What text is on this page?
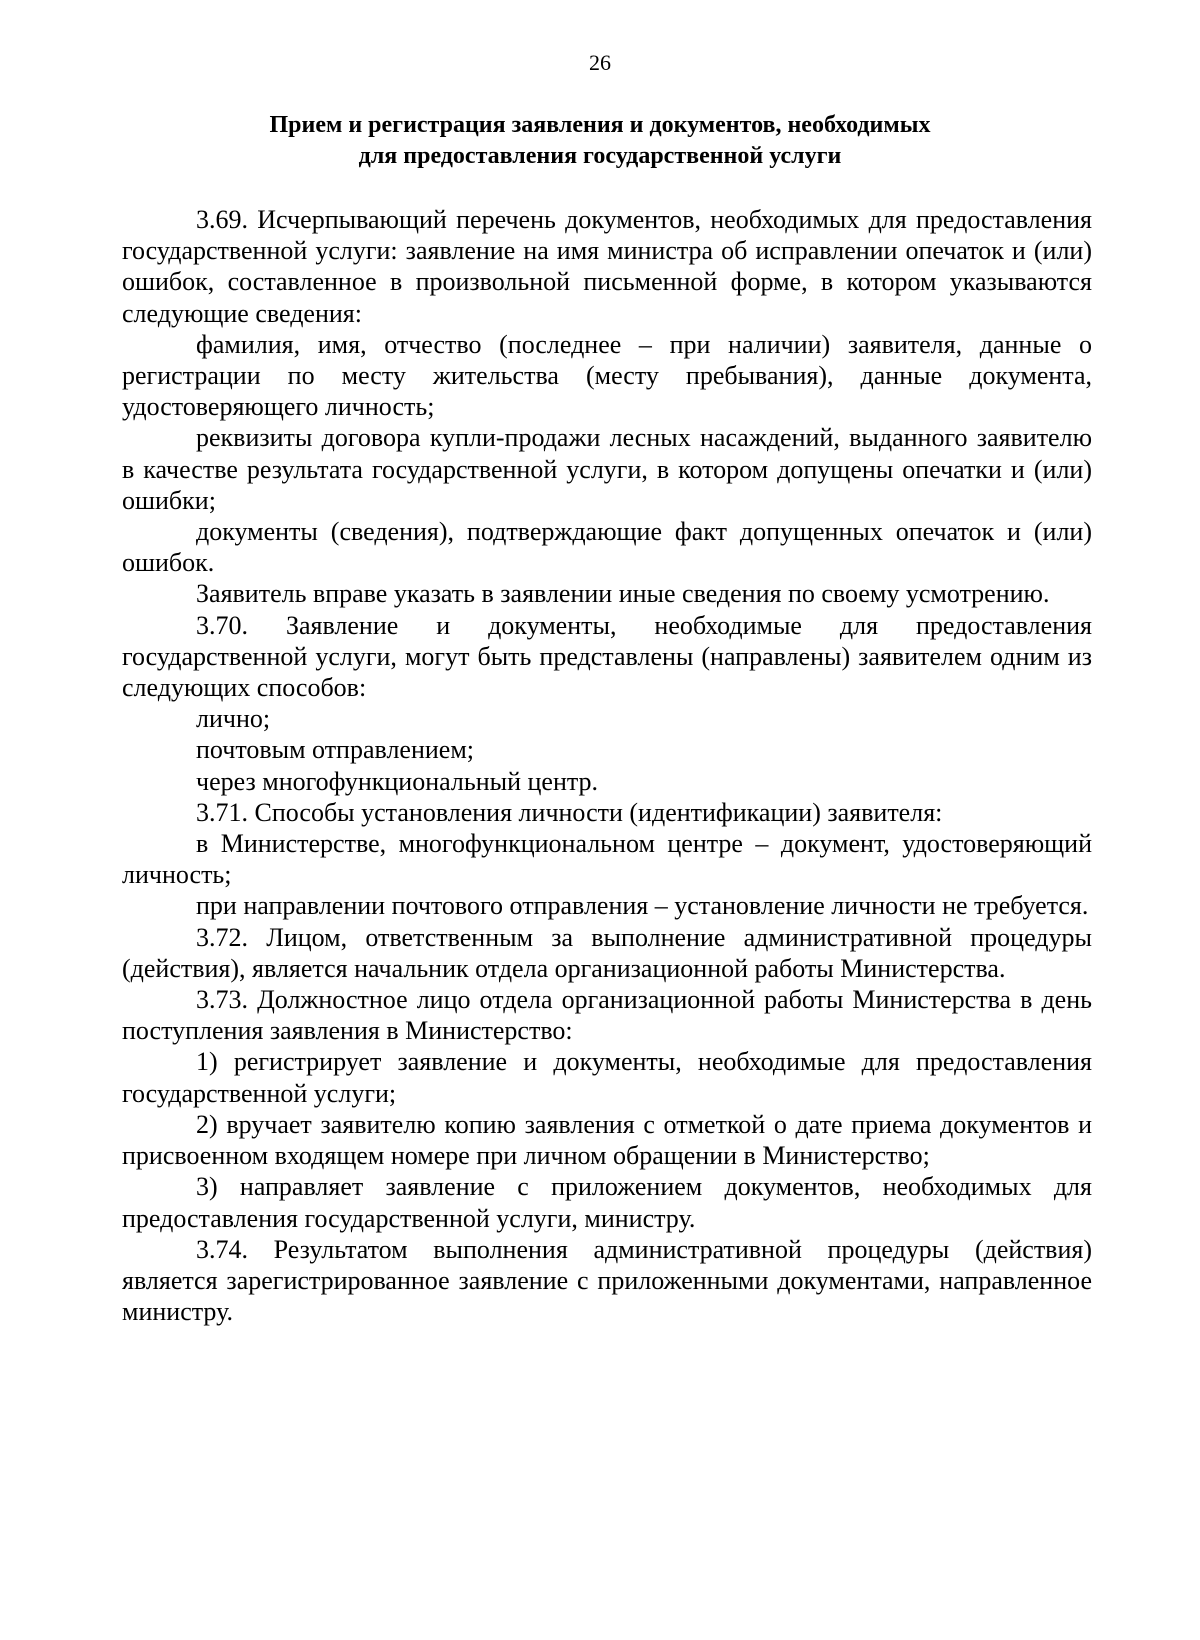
26
Прием и регистрация заявления и документов, необходимых
для предоставления государственной услуги

3.69. Исчерпывающий перечень документов, необходимых для предоставления государственной услуги: заявление на имя министра об исправлении опечаток и (или) ошибок, составленное в произвольной письменной форме, в котором указываются следующие сведения:

фамилия, имя, отчество (последнее – при наличии) заявителя, данные о регистрации по месту жительства (месту пребывания), данные документа, удостоверяющего личность;

реквизиты договора купли-продажи лесных насаждений, выданного заявителю в качестве результата государственной услуги, в котором допущены опечатки и (или) ошибки;

документы (сведения), подтверждающие факт допущенных опечаток и (или) ошибок.

Заявитель вправе указать в заявлении иные сведения по своему усмотрению.

3.70. Заявление и документы, необходимые для предоставления государственной услуги, могут быть представлены (направлены) заявителем одним из следующих способов:

лично;

почтовым отправлением;

через многофункциональный центр.

3.71. Способы установления личности (идентификации) заявителя:

в Министерстве, многофункциональном центре – документ, удостоверяющий личность;

при направлении почтового отправления – установление личности не требуется.

3.72. Лицом, ответственным за выполнение административной процедуры (действия), является начальник отдела организационной работы Министерства.

3.73. Должностное лицо отдела организационной работы Министерства в день поступления заявления в Министерство:

1) регистрирует заявление и документы, необходимые для предоставления государственной услуги;

2) вручает заявителю копию заявления с отметкой о дате приема документов и присвоенном входящем номере при личном обращении в Министерство;

3) направляет заявление с приложением документов, необходимых для предоставления государственной услуги, министру.

3.74. Результатом выполнения административной процедуры (действия) является зарегистрированное заявление с приложенными документами, направленное министру.
